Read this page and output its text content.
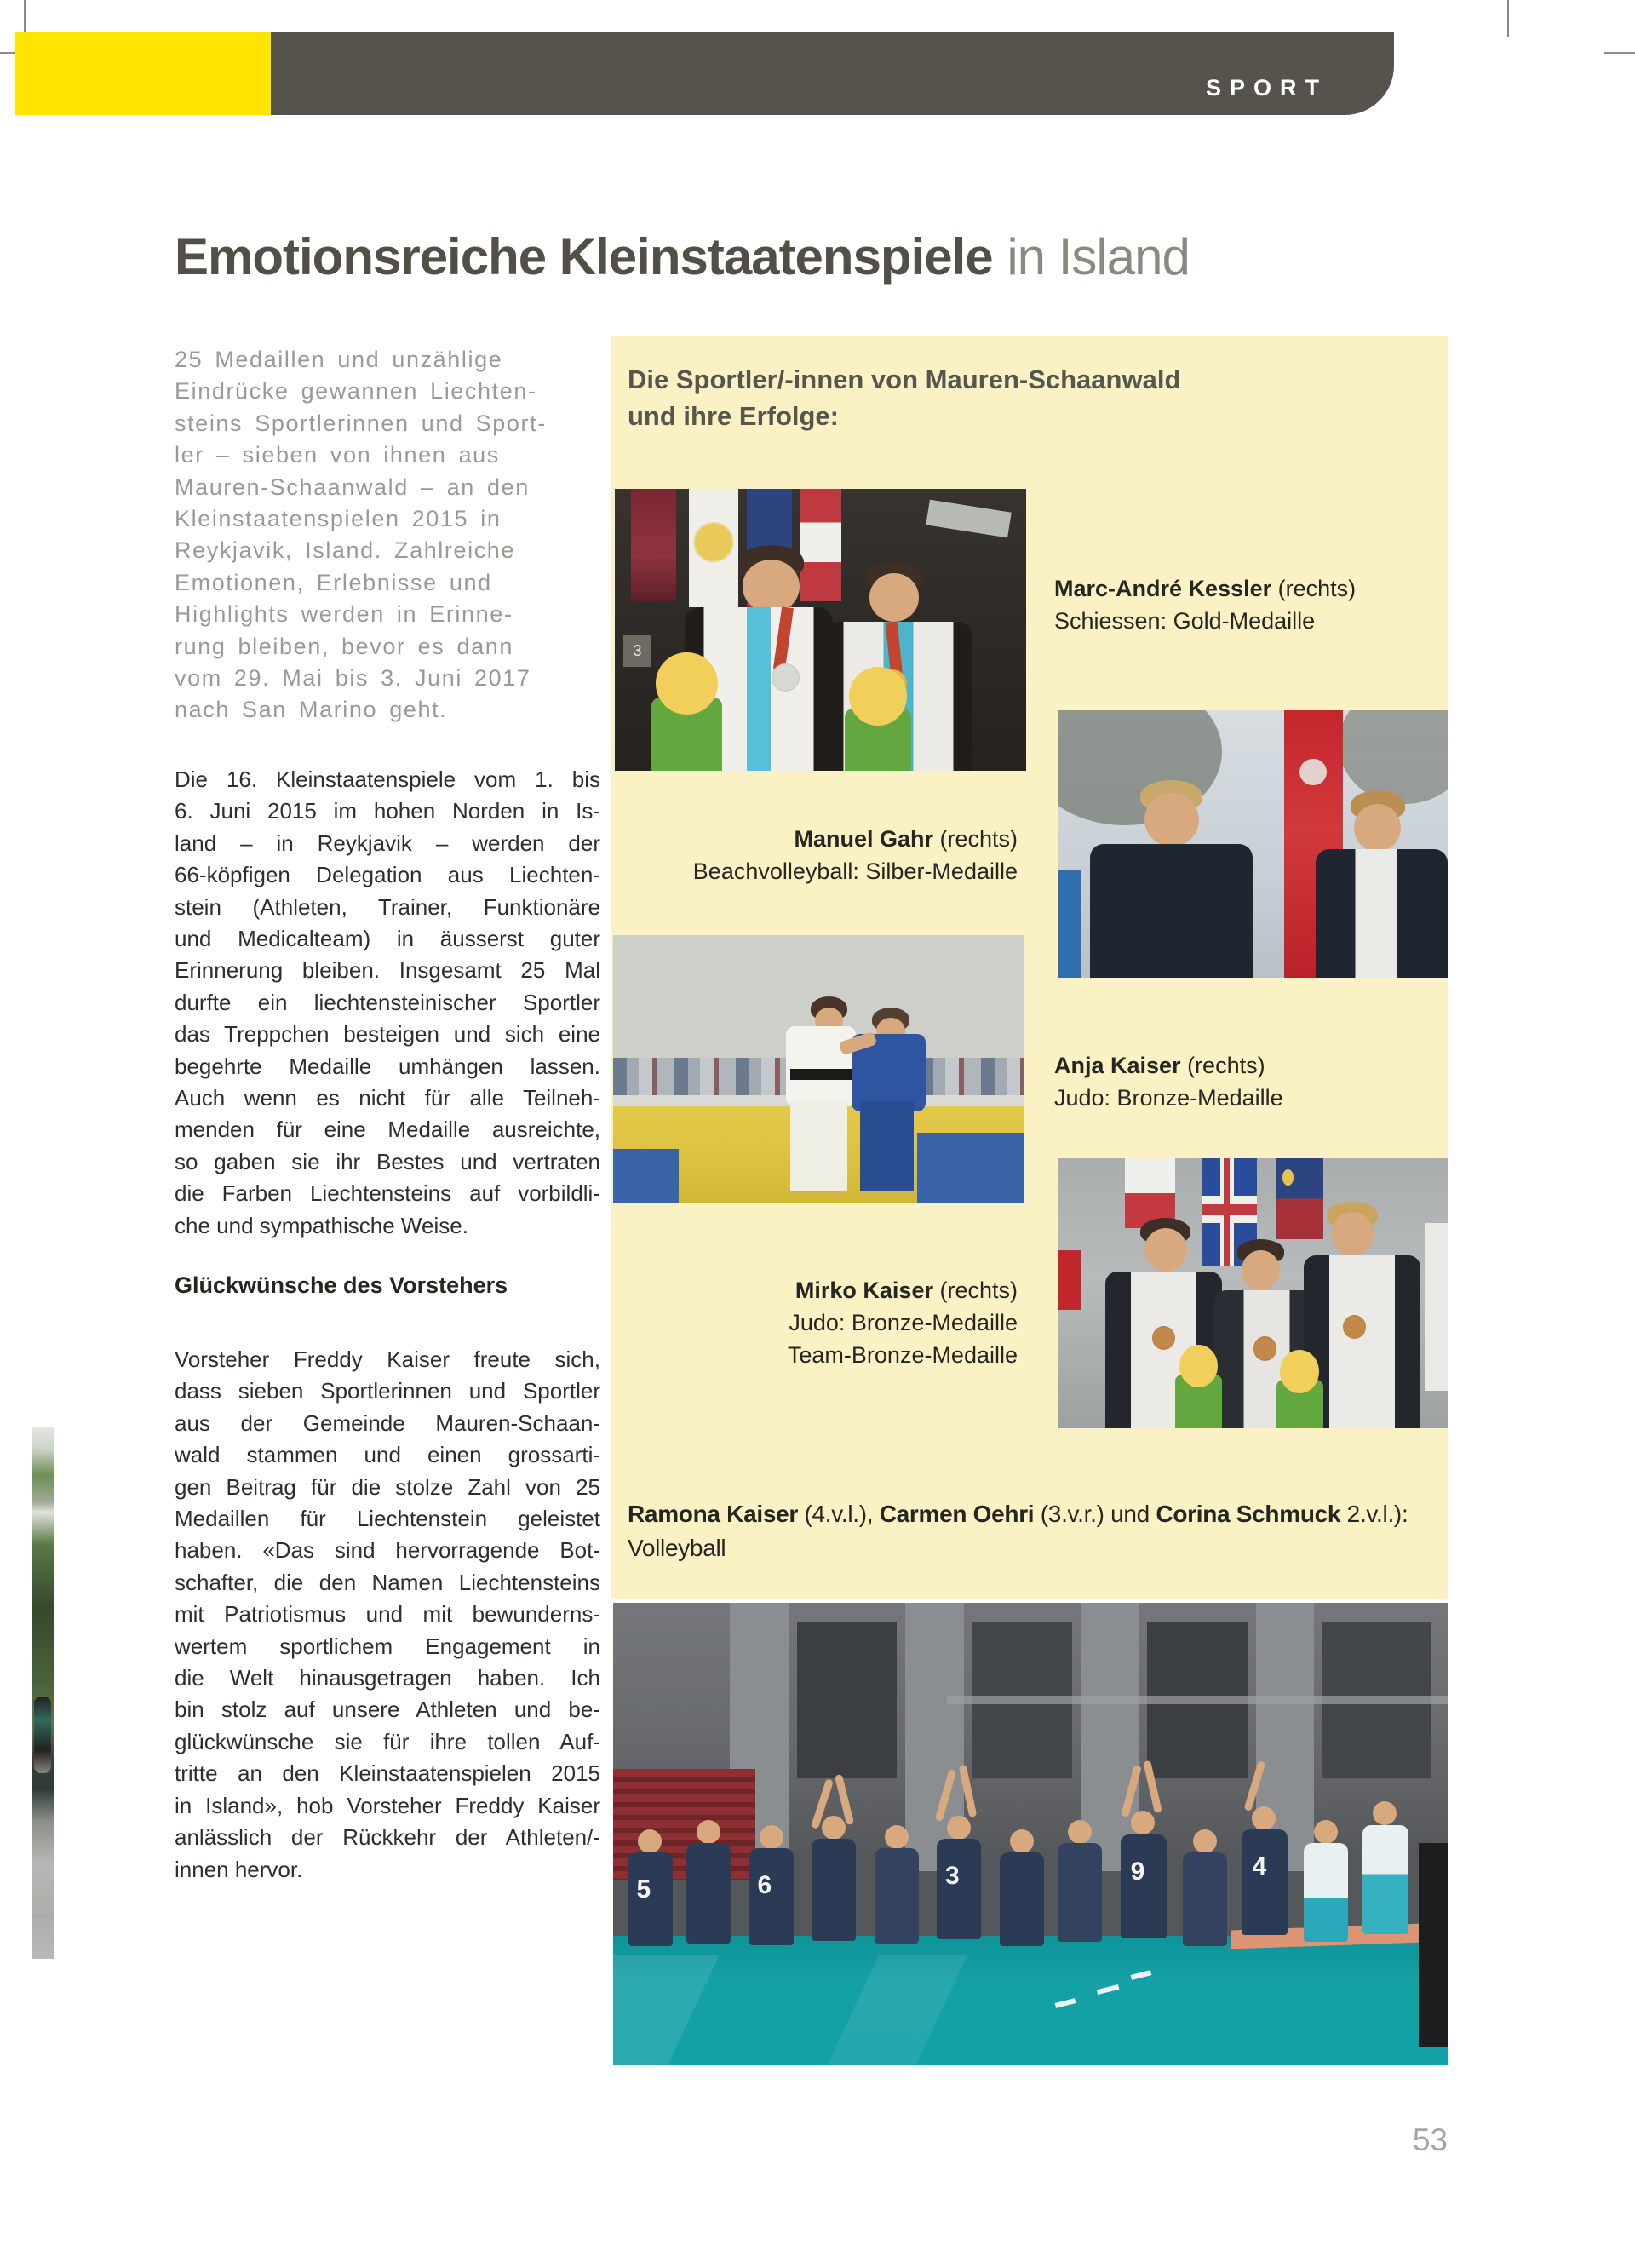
SPORT
Emotionsreiche Kleinstaatenspiele in Island
25 Medaillen und unzählige
Eindrücke gewannen Liechten-
steins Sportlerinnen und Sport-
ler – sieben von ihnen aus
Mauren-Schaanwald – an den
Kleinstaatenspielen 2015 in
Reykjavik, Island. Zahlreiche
Emotionen, Erlebnisse und
Highlights werden in Erinne-
rung bleiben, bevor es dann
vom 29. Mai bis 3. Juni 2017
nach San Marino geht.
Die 16. Kleinstaatenspiele vom 1. bis
6. Juni 2015 im hohen Norden in Is-
land – in Reykjavik – werden der
66-köpfigen Delegation aus Liechten-
stein (Athleten, Trainer, Funktionäre
und Medicalteam) in äusserst guter
Erinnerung bleiben. Insgesamt 25 Mal
durfte ein liechtensteinischer Sportler
das Treppchen besteigen und sich eine
begehrte Medaille umhängen lassen.
Auch wenn es nicht für alle Teilneh-
menden für eine Medaille ausreichte,
so gaben sie ihr Bestes und vertraten
die Farben Liechtensteins auf vorbildli-
che und sympathische Weise.
Glückwünsche des Vorstehers
Vorsteher Freddy Kaiser freute sich,
dass sieben Sportlerinnen und Sportler
aus der Gemeinde Mauren-Schaan-
wald stammen und einen grossarti-
gen Beitrag für die stolze Zahl von 25
Medaillen für Liechtenstein geleistet
haben. «Das sind hervorragende Bot-
schafter, die den Namen Liechtensteins
mit Patriotismus und mit bewunderns-
wertem sportlichem Engagement in
die Welt hinausgetragen haben. Ich
bin stolz auf unsere Athleten und be-
glückwünsche sie für ihre tollen Auf-
tritte an den Kleinstaatenspielen 2015
in Island», hob Vorsteher Freddy Kaiser
anlässlich der Rückkehr der Athleten/-
innen hervor.
Die Sportler/-innen von Mauren-Schaanwald
und ihre Erfolge:
3
Marc-André Kessler (rechts)
Schiessen: Gold-Medaille
Manuel Gahr (rechts)
Beachvolleyball: Silber-Medaille
Anja Kaiser (rechts)
Judo: Bronze-Medaille
Mirko Kaiser (rechts)
Judo: Bronze-Medaille
Team-Bronze-Medaille
Ramona Kaiser (4.v.l.), Carmen Oehri (3.v.r.) und Corina Schmuck 2.v.l.):
Volleyball
5	6	3	9	4
53
